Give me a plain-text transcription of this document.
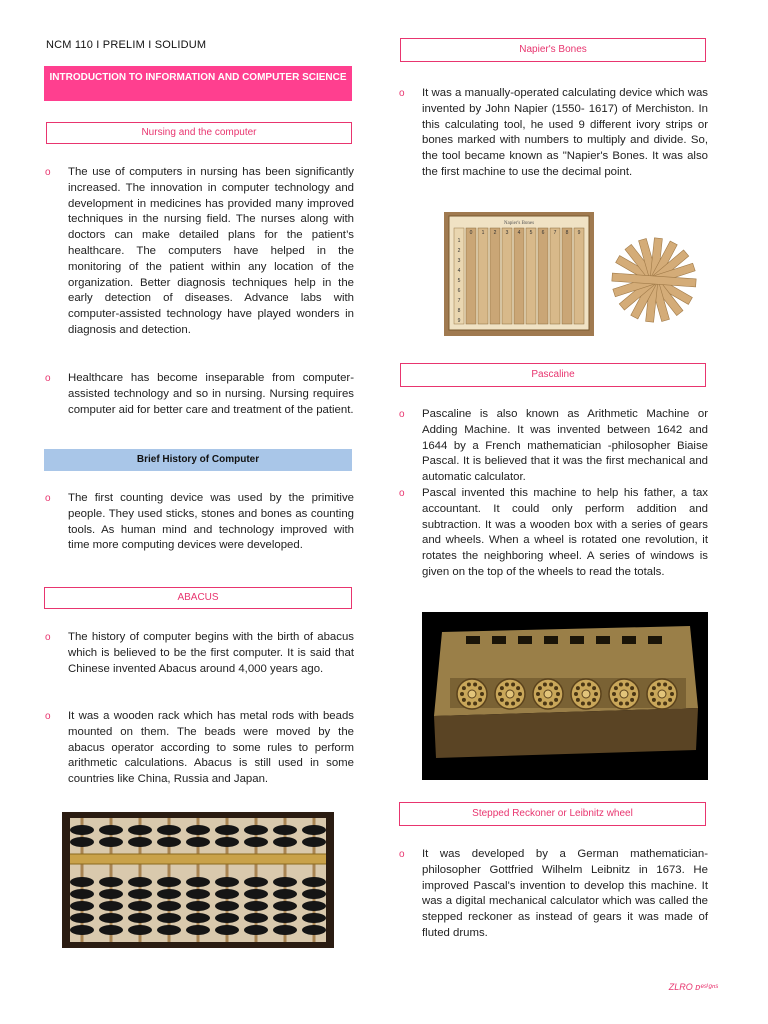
NCM 110 I PRELIM I SOLIDUM
INTRODUCTION TO INFORMATION AND COMPUTER SCIENCE
Nursing and the computer
o The use of computers in nursing has been significantly increased. The innovation in computer technology and development in medicines has provided many improved techniques in the nursing field. The nurses along with doctors can make detailed plans for the patient’s healthcare. The computers have helped in the monitoring of the patient within any location of the organization. Better diagnosis techniques help in the early detection of diseases. Advance labs with computer-assisted technology have played wonders in diagnosis and detection.
o Healthcare has become inseparable from computer- assisted technology and so in nursing. Nursing requires computer aid for better care and treatment of the patient.
Brief History of Computer
o The first counting device was used by the primitive people. They used sticks, stones and bones as counting tools. As human mind and technology improved with time more computing devices were developed.
ABACUS
o The history of computer begins with the birth of abacus which is believed to be the first computer. It is said that Chinese invented Abacus around 4,000 years ago.
o It was a wooden rack which has metal rods with beads mounted on them. The beads were moved by the abacus operator according to some rules to perform arithmetic calculations. Abacus is still used in some countries like China, Russia and Japan.
Napier's Bones
o It was a manually-operated calculating device which was invented by John Napier (1550- 1617) of Merchiston. In this calculating tool, he used 9 different ivory strips or bones marked with numbers to multiply and divide. So, the tool became known as "Napier's Bones. It was also the first machine to use the decimal point.
Napier's Bones
1
2
3
4
5
6
7
8
9
0 1 2 3 4 5 6 7 8 9
Pascaline
o Pascaline is also known as Arithmetic Machine or Adding Machine. It was invented between 1642 and 1644 by a French mathematician -philosopher Biaise Pascal. It is believed that it was the first mechanical and automatic calculator.
o Pascal invented this machine to help his father, a tax accountant. It could only perform addition and subtraction. It was a wooden box with a series of gears and wheels. When a wheel is rotated one revolution, it rotates the neighboring wheel. A series of windows is given on the top of the wheels to read the totals.
Stepped Reckoner or Leibnitz wheel
o It was developed by a German mathematician-philosopher Gottfried Wilhelm Leibnitz in 1673. He improved Pascal's invention to develop this machine. It was a digital mechanical calculator which was called the stepped reckoner as instead of gears it was made of fluted drums.
ZLRO ᴅᵉˢⁱᵍⁿˢ
